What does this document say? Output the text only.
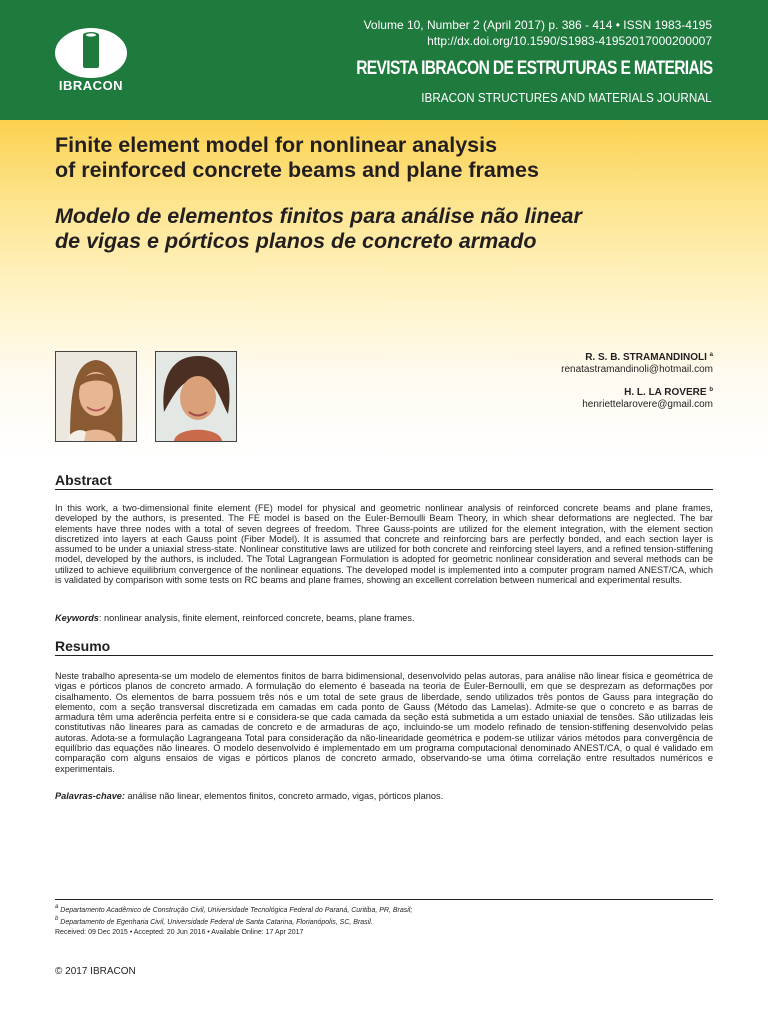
IBRACON
Volume 10, Number 2 (April 2017) p. 386 - 414 • ISSN 1983-4195
http://dx.doi.org/10.1590/S1983-41952017000200007
REVISTA IBRACON DE ESTRUTURAS E MATERIAIS
IBRACON STRUCTURES AND MATERIALS JOURNAL
Finite element model for nonlinear analysis
of reinforced concrete beams and plane frames
Modelo de elementos finitos para análise não linear
de vigas e pórticos planos de concreto armado
R. S. B. STRAMANDINOLI $^a$
renatastramandinoli@hotmail.com
H. L. LA ROVERE $^b$
henriettelarovere@gmail.com
Abstract
In this work, a two-dimensional finite element (FE) model for physical and geometric nonlinear analysis of reinforced concrete beams and plane frames, developed by the authors, is presented. The FE model is based on the Euler-Bernoulli Beam Theory, in which shear deformations are neglected. The bar elements have three nodes with a total of seven degrees of freedom. Three Gauss-points are utilized for the element integration, with the element section discretized into layers at each Gauss point (Fiber Model). It is assumed that concrete and reinforcing bars are perfectly bonded, and each section layer is assumed to be under a uniaxial stress-state. Nonlinear constitutive laws are utilized for both concrete and reinforcing steel layers, and a refined tension-stiffening model, developed by the authors, is included. The Total Lagrangean Formulation is adopted for geometric nonlinear consideration and several methods can be utilized to achieve equilibrium convergence of the nonlinear equations. The developed model is implemented into a computer program named ANEST/CA, which is validated by comparison with some tests on RC beams and plane frames, showing an excellent correlation between numerical and experimental results.
Keywords: nonlinear analysis, finite element, reinforced concrete, beams, plane frames.
Resumo
Neste trabalho apresenta-se um modelo de elementos finitos de barra bidimensional, desenvolvido pelas autoras, para análise não linear física e geométrica de vigas e pórticos planos de concreto armado. A formulação do elemento é baseada na teoria de Euler-Bernoulli, em que se desprezam as deformações por cisalhamento. Os elementos de barra possuem três nós e um total de sete graus de liberdade, sendo utilizados três pontos de Gauss para integração do elemento, com a seção transversal discretizada em camadas em cada ponto de Gauss (Método das Lamelas). Admite-se que o concreto e as barras de armadura têm uma aderência perfeita entre si e considera-se que cada camada da seção está submetida a um estado uniaxial de tensões. São utilizadas leis constitutivas não lineares para as camadas de concreto e de armaduras de aço, incluindo-se um modelo refinado de tension-stiffening desenvolvido pelas autoras. Adota-se a formulação Lagrangeana Total para consideração da não-linearidade geométrica e podem-se utilizar vários métodos para convergência de equilíbrio das equações não lineares. O modelo desenvolvido é implementado em um programa computacional denominado ANEST/CA, o qual é validado em comparação com alguns ensaios de vigas e pórticos planos de concreto armado, observando-se uma ótima correlação entre resultados numéricos e experimentais.
Palavras-chave: análise não linear, elementos finitos, concreto armado, vigas, pórticos planos.
$^a$ Departamento Acadêmico de Construção Civil, Universidade Tecnológica Federal do Paraná, Curitiba, PR, Brasil;
$^b$ Departamento de Egenharia Civil, Universidade Federal de Santa Catarina, Florianópolis, SC, Brasil.
Received: 09 Dec 2015 • Accepted: 20 Jun 2016 • Available Online: 17 Apr 2017
© 2017 IBRACON
